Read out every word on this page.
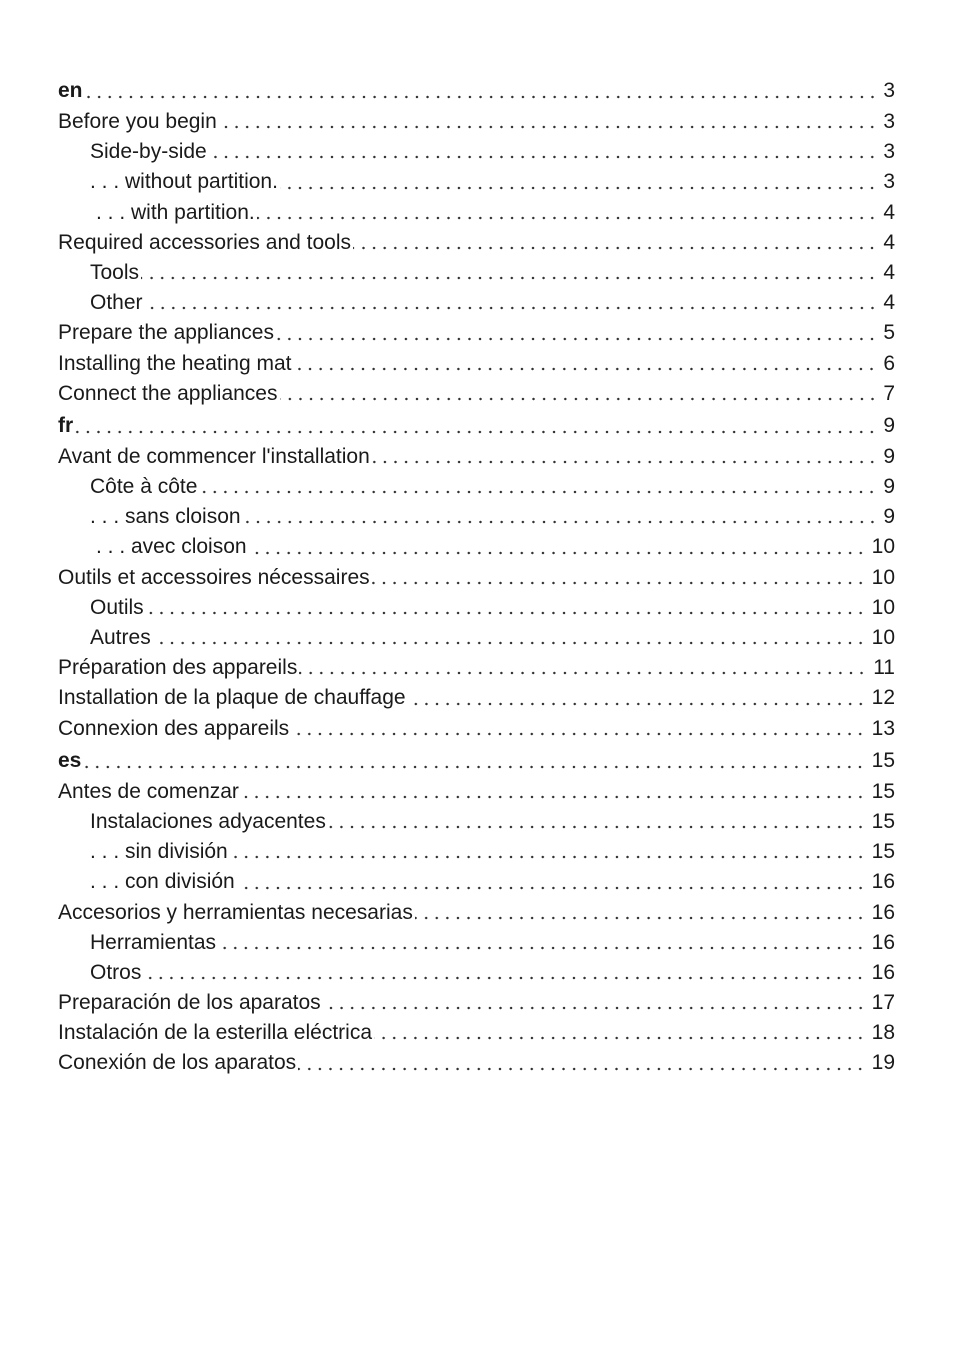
en	3
Before you begin	3
Side-by-side	3
. . . without partition.	3
. . . with partition.	4
Required accessories and tools	4
Tools	4
Other	4
Prepare the appliances	5
Installing the heating mat	6
Connect the appliances	7
fr	9
Avant de commencer l'installation	9
Côte à côte	9
. . . sans cloison	9
. . . avec cloison	10
Outils et accessoires nécessaires	10
Outils	10
Autres	10
Préparation des appareils	11
Installation de la plaque de chauffage	12
Connexion des appareils	13
es	15
Antes de comenzar	15
Instalaciones adyacentes	15
. . . sin división	15
. . . con división	16
Accesorios y herramientas necesarias	16
Herramientas	16
Otros	16
Preparación de los aparatos	17
Instalación de la esterilla eléctrica	18
Conexión de los aparatos	19
